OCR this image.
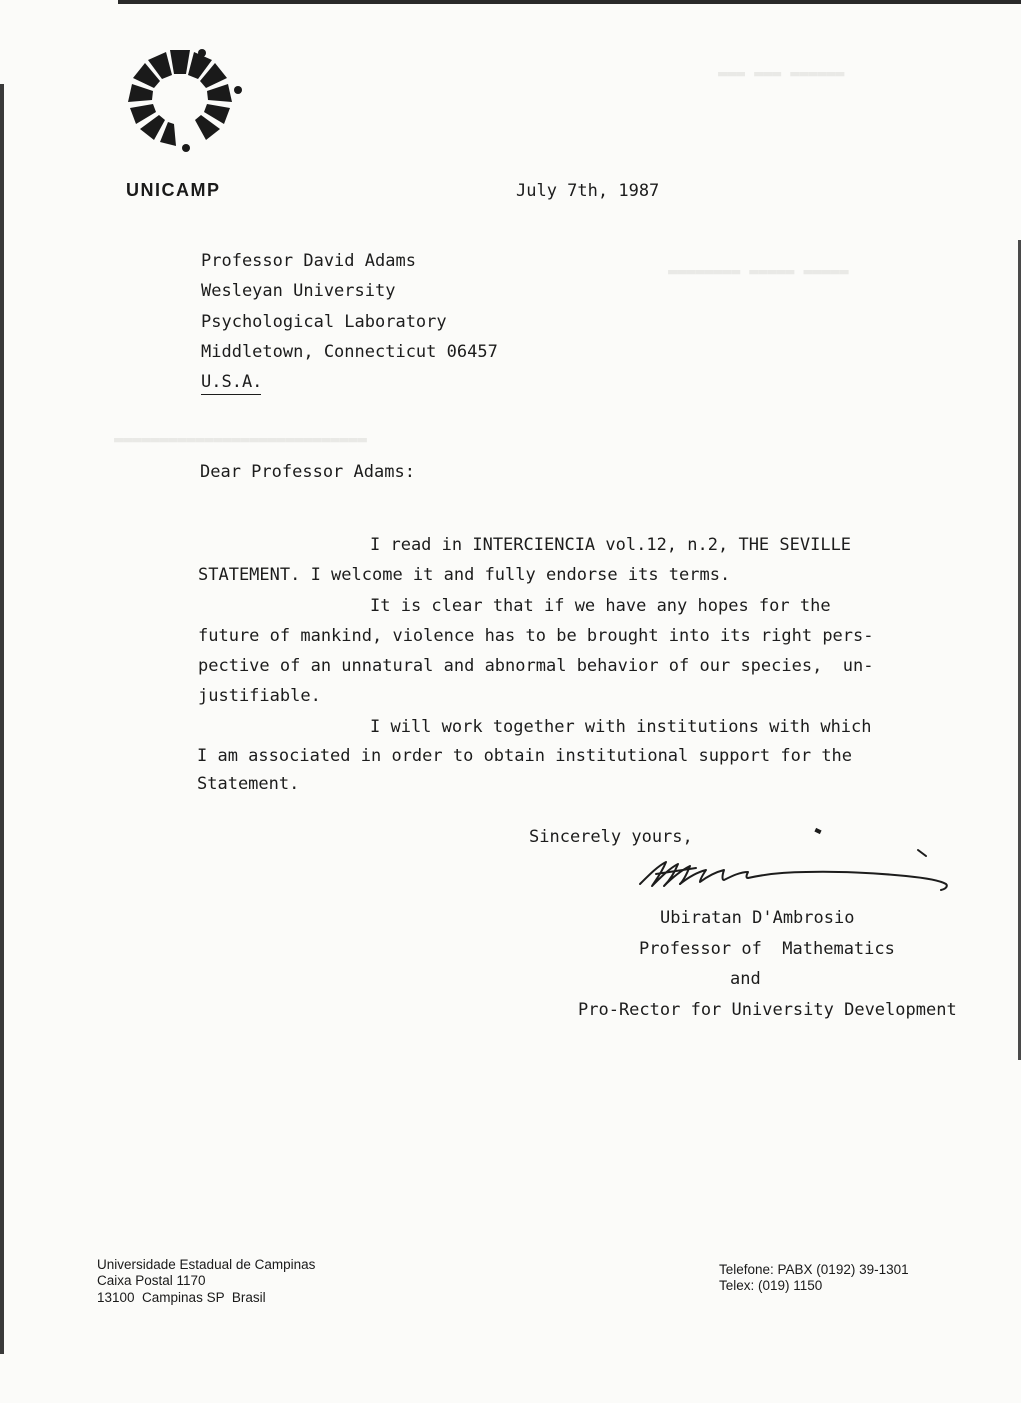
▬▬▬ ▬▬▬ ▬▬▬▬▬▬
▬▬▬▬▬▬▬▬ ▬▬▬▬▬ ▬▬▬▬▬
▬▬▬▬▬▬▬▬▬▬▬▬▬▬▬▬▬▬▬▬▬▬▬▬▬▬▬▬
UNICAMP	July 7th, 1987
Professor David Adams
Wesleyan University
Psychological Laboratory
Middletown, Connecticut 06457
U.S.A.
Dear Professor Adams:
I read in INTERCIENCIA vol.12, n.2, THE SEVILLE
STATEMENT. I welcome it and fully endorse its terms.
It is clear that if we have any hopes for the
future of mankind, violence has to be brought into its right pers-
pective of an unnatural and abnormal behavior of our species,  un-
justifiable.
I will work together with institutions with which
I am associated in order to obtain institutional support for the
Statement.
Sincerely yours,
Ubiratan D'Ambrosio
Professor of  Mathematics
and
Pro-Rector for University Development
Universidade Estadual de Campinas
Caixa Postal 1170
13100  Campinas SP  Brasil
Telefone: PABX (0192) 39-1301
Telex: (019) 1150
